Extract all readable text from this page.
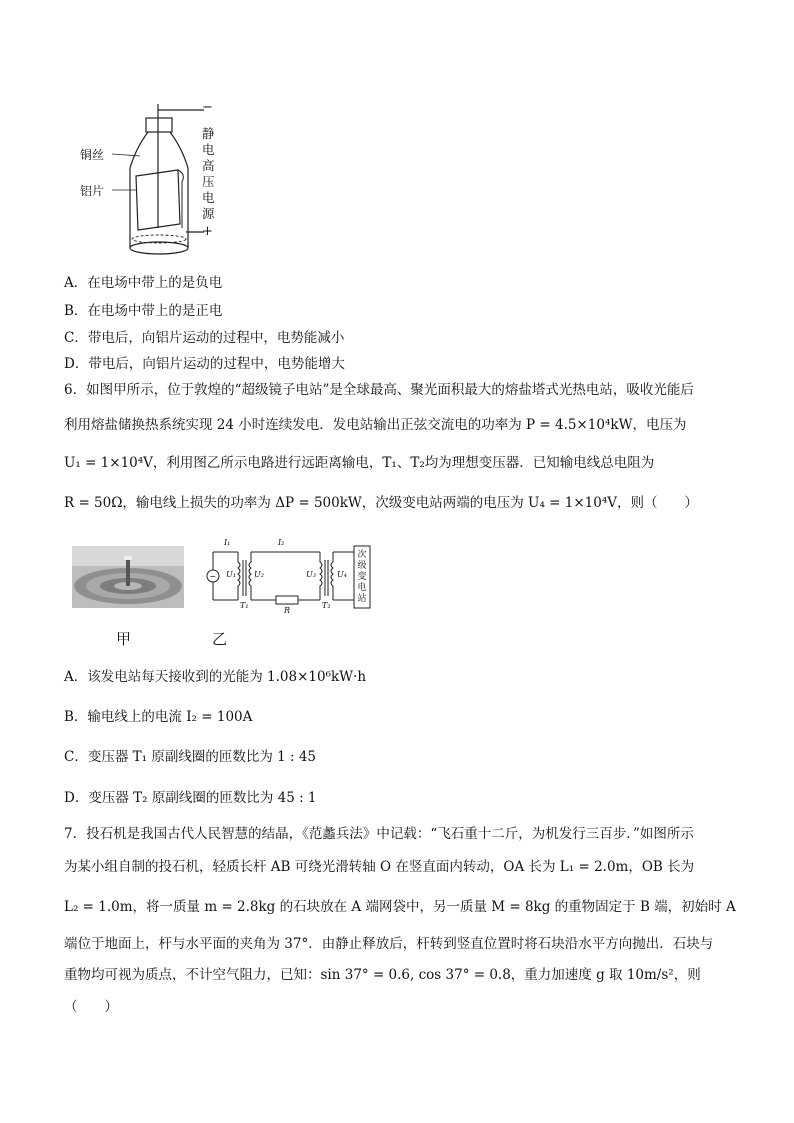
−
+
铜丝
铝片
静
电
高
压
电
源
A．在电场中带上的是负电
B．在电场中带上的是正电
C．带电后，向铝片运动的过程中，电势能减小
D．带电后，向铝片运动的过程中，电势能增大
6．如图甲所示，位于敦煌的“超级镜子电站”是全球最高、聚光面积最大的熔盐塔式光热电站，吸收光能后
利用熔盐储换热系统实现 24 小时连续发电．发电站输出正弦交流电的功率为 P = 4.5×10⁴kW，电压为
U₁ = 1×10⁴V，利用图乙所示电路进行远距离输电，T₁、T₂均为理想变压器．已知输电线总电阻为
R = 50Ω，输电线上损失的功率为 ΔP = 500kW，次级变电站两端的电压为 U₄ = 1×10⁴V，则（　　）
~
I₁	I₂
U₁ U₂	U₃	U₄
T₁	T₂
R
次
级
变
电
站
甲	乙
A．该发电站每天接收到的光能为 1.08×10⁶kW·h
B．输电线上的电流 I₂ = 100A
C．变压器 T₁ 原副线圈的匝数比为 1 : 45
D．变压器 T₂ 原副线圈的匝数比为 45 : 1
7．投石机是我国古代人民智慧的结晶，《范蠡兵法》中记载：“飞石重十二斤，为机发行三百步．”如图所示
为某小组自制的投石机，轻质长杆 AB 可绕光滑转轴 O 在竖直面内转动，OA 长为 L₁ = 2.0m，OB 长为
L₂ = 1.0m，将一质量 m = 2.8kg 的石块放在 A 端网袋中，另一质量 M = 8kg 的重物固定于 B 端，初始时 A
端位于地面上，杆与水平面的夹角为 37°．由静止释放后，杆转到竖直位置时将石块沿水平方向抛出．石块与
重物均可视为质点，不计空气阻力，已知：sin 37° = 0.6, cos 37° = 0.8，重力加速度 g 取 10m/s²，则
（　　）
